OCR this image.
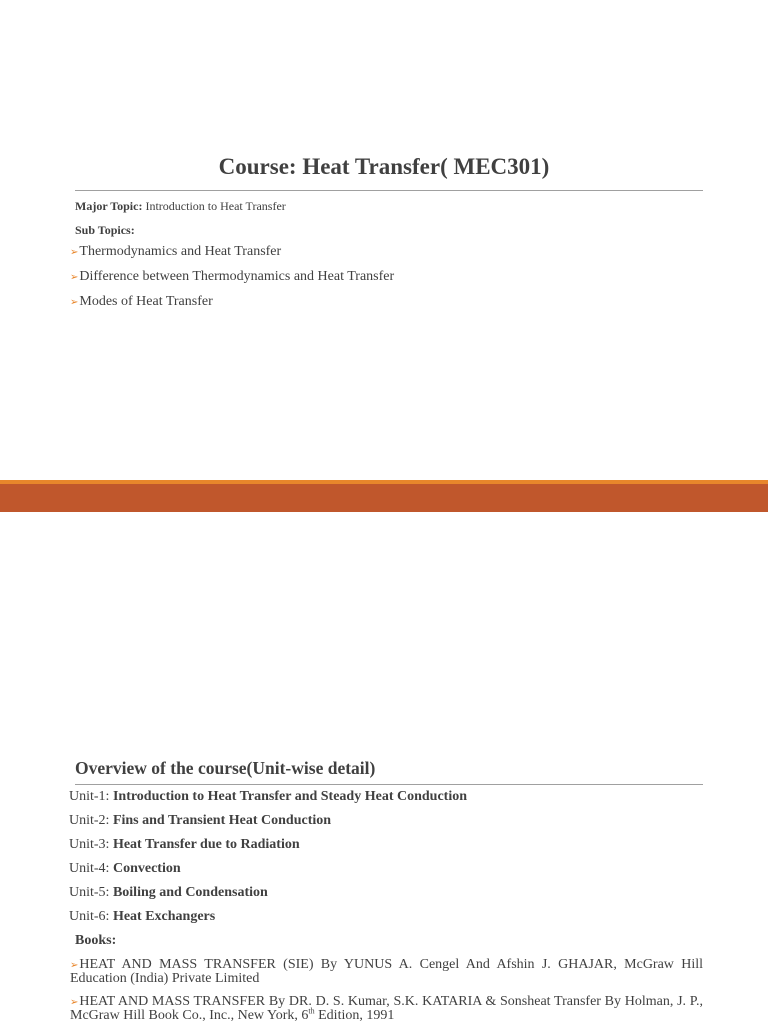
Course: Heat Transfer( MEC301)
Major Topic: Introduction to Heat Transfer
Sub Topics:
➢Thermodynamics and Heat Transfer
➢Difference between Thermodynamics and Heat Transfer
➢Modes of Heat Transfer
Overview of the course(Unit-wise detail)
Unit-1: Introduction to Heat Transfer and Steady Heat Conduction
Unit-2: Fins and Transient Heat Conduction
Unit-3: Heat Transfer due to Radiation
Unit-4: Convection
Unit-5: Boiling and Condensation
Unit-6: Heat Exchangers
Books:
➢HEAT AND MASS TRANSFER (SIE) By YUNUS A. Cengel And Afshin J. GHAJAR, McGraw Hill Education (India) Private Limited
➢HEAT AND MASS TRANSFER By DR. D. S. Kumar, S.K. KATARIA & Sonsheat Transfer By Holman, J. P., McGraw Hill Book Co., Inc., New York, 6th Edition, 1991
